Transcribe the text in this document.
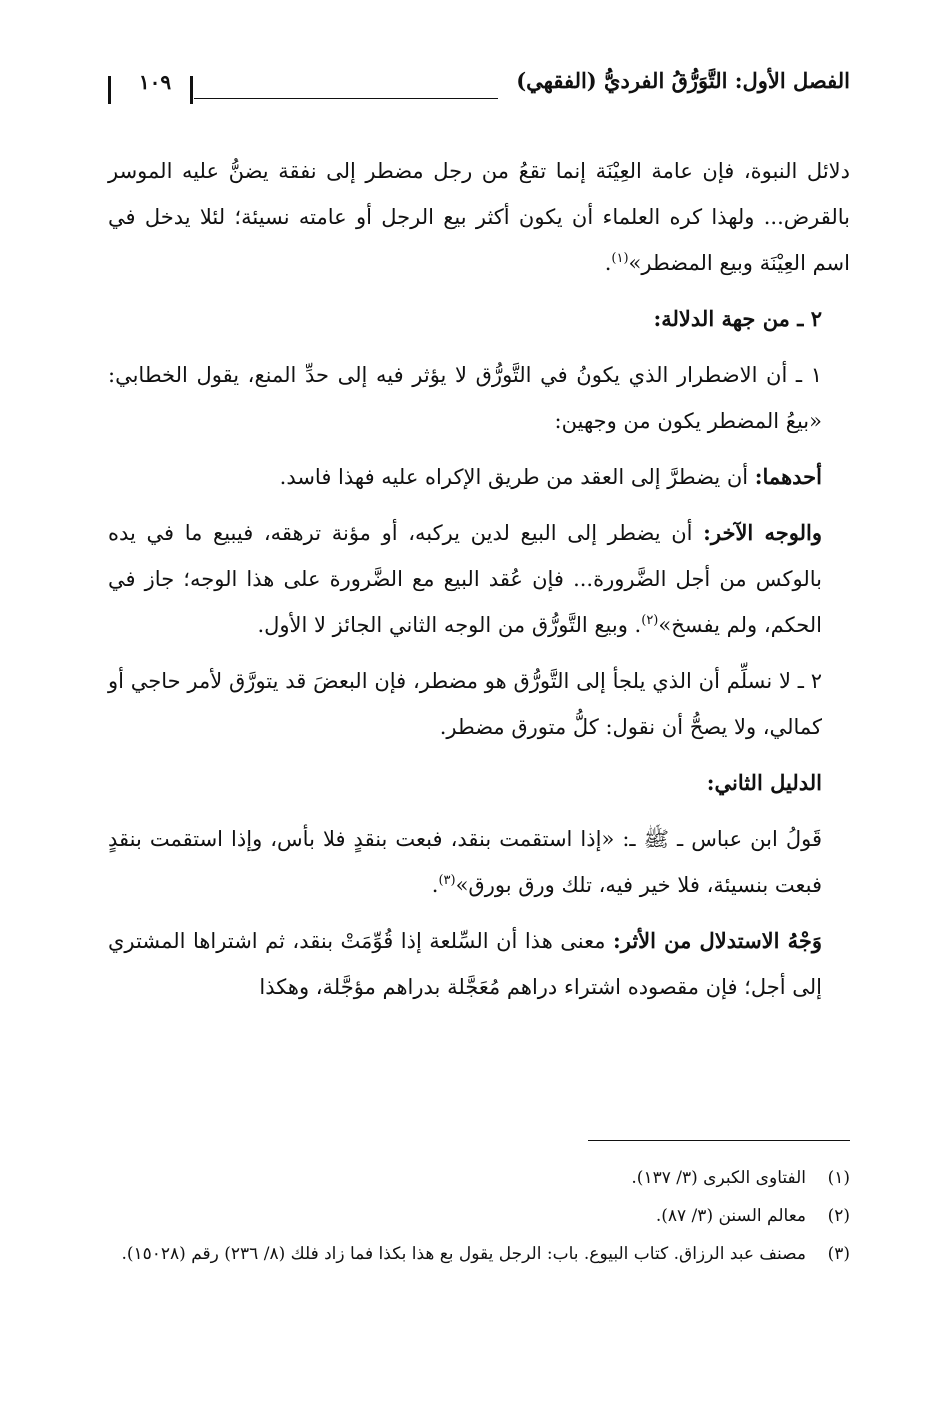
الفصل الأول: التَّوَرُّقُ الفرديُّ (الفقهي)
١٠٩

دلائل النبوة، فإن عامة العِيْنَة إنما تقعُ من رجل مضطر إلى نفقة يضنُّ عليه الموسر بالقرض... ولهذا كره العلماء أن يكون أكثر بيع الرجل أو عامته نسيئة؛ لئلا يدخل في اسم العِيْنَة وبيع المضطر»$^{(١)}$.

٢ ـ من جهة الدلالة:

١ ـ أن الاضطرار الذي يكونُ في التَّورُّق لا يؤثر فيه إلى حدِّ المنع، يقول الخطابي: «بيعُ المضطر يكون من وجهين:

أحدهما: أن يضطرَّ إلى العقد من طريق الإكراه عليه فهذا فاسد.

والوجه الآخر: أن يضطر إلى البيع لدين يركبه، أو مؤنة ترهقه، فيبيع ما في يده بالوكس من أجل الضَّرورة... فإن عُقد البيع مع الضَّرورة على هذا الوجه؛ جاز في الحكم، ولم يفسخ»$^{(٢)}$. وبيع التَّورُّق من الوجه الثاني الجائز لا الأول.

٢ ـ لا نسلِّم أن الذي يلجأ إلى التَّورُّق هو مضطر، فإن البعضَ قد يتورَّق لأمر حاجي أو كمالي، ولا يصحُّ أن نقول: كلُّ متورق مضطر.

الدليل الثاني:

قَولُ ابن عباس ـ ﷺ ـ: «إذا استقمت بنقد، فبعت بنقدٍ فلا بأس، وإذا استقمت بنقدٍ فبعت بنسيئة، فلا خير فيه، تلك ورق بورق»$^{(٣)}$.

وَجْهُ الاستدلال من الأثر: معنى هذا أن السِّلعة إذا قُوِّمَتْ بنقد، ثم اشتراها المشتري إلى أجل؛ فإن مقصوده اشتراء دراهم مُعَجَّلة بدراهم مؤجَّلة، وهكذا

(١)
الفتاوى الكبرى (٣/ ١٣٧).

(٢)
معالم السنن (٣/ ٨٧).

(٣)
مصنف عبد الرزاق. كتاب البيوع. باب: الرجل يقول بع هذا بكذا فما زاد فلك (٨/ ٢٣٦) رقم (١٥٠٢٨).
